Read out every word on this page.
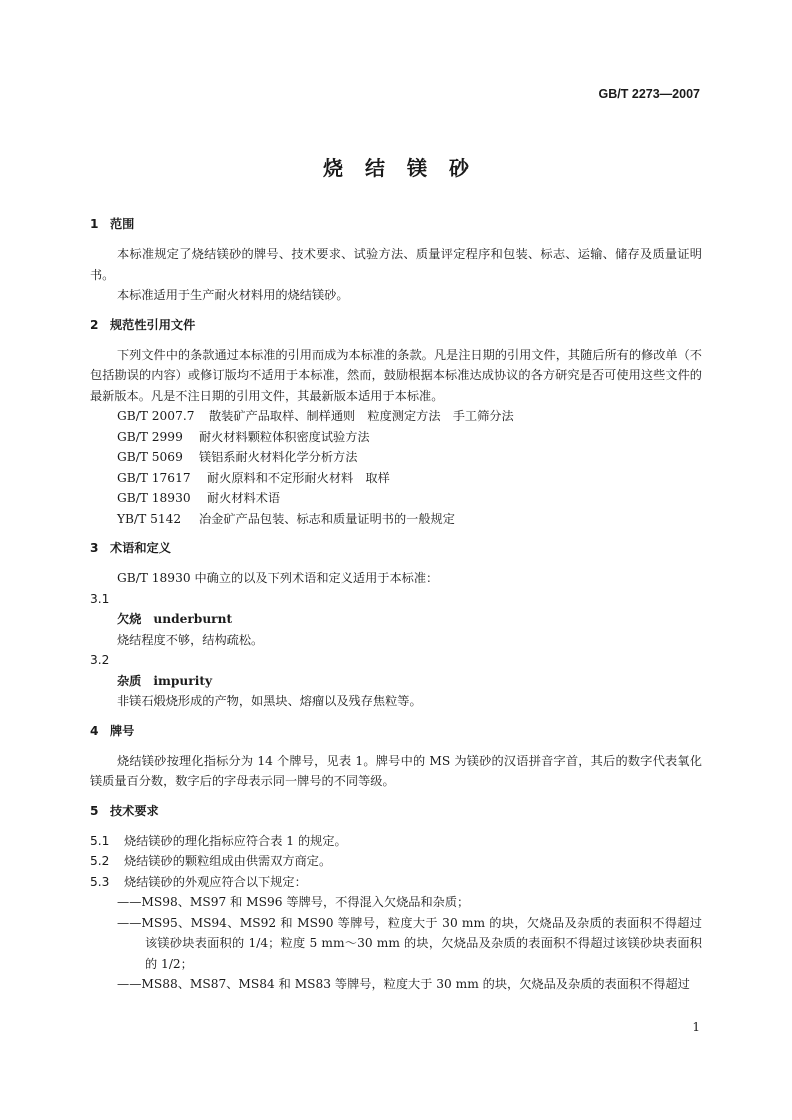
GB/T 2273—2007
烧结镁砂
1 范围

本标准规定了烧结镁砂的牌号、技术要求、试验方法、质量评定程序和包装、标志、运输、储存及质量证明书。

本标准适用于生产耐火材料用的烧结镁砂。

2 规范性引用文件

下列文件中的条款通过本标准的引用而成为本标准的条款。凡是注日期的引用文件，其随后所有的修改单（不包括勘误的内容）或修订版均不适用于本标准，然而，鼓励根据本标准达成协议的各方研究是否可使用这些文件的最新版本。凡是不注日期的引用文件，其最新版本适用于本标准。

GB/T 2007.7 散装矿产品取样、制样通则　粒度测定方法　手工筛分法
GB/T 2999 耐火材料颗粒体积密度试验方法
GB/T 5069 镁铝系耐火材料化学分析方法
GB/T 17617 耐火原料和不定形耐火材料　取样
GB/T 18930 耐火材料术语
YB/T 5142 冶金矿产品包装、标志和质量证明书的一般规定
3 术语和定义

GB/T 18930 中确立的以及下列术语和定义适用于本标准：

3.1
欠烧 underburnt
烧结程度不够，结构疏松。
3.2
杂质 impurity
非镁石煅烧形成的产物，如黑块、熔瘤以及残存焦粒等。
4 牌号

烧结镁砂按理化指标分为 14 个牌号，见表 1。牌号中的 MS 为镁砂的汉语拼音字首，其后的数字代表氧化镁质量百分数，数字后的字母表示同一牌号的不同等级。

5 技术要求
5.1 烧结镁砂的理化指标应符合表 1 的规定。
5.2 烧结镁砂的颗粒组成由供需双方商定。
5.3 烧结镁砂的外观应符合以下规定：
——MS98、MS97 和 MS96 等牌号，不得混入欠烧品和杂质；
——MS95、MS94、MS92 和 MS90 等牌号，粒度大于 30 mm 的块，欠烧品及杂质的表面积不得超过该镁砂块表面积的 1/4；粒度 5 mm～30 mm 的块，欠烧品及杂质的表面积不得超过该镁砂块表面积的 1/2；
——MS88、MS87、MS84 和 MS83 等牌号，粒度大于 30 mm 的块，欠烧品及杂质的表面积不得超过
1
